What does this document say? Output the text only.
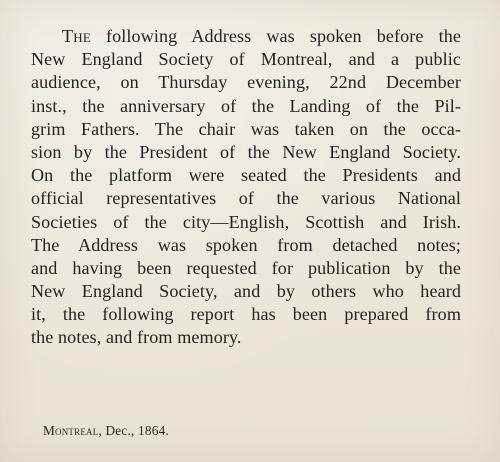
The following Address was spoken before the
New England Society of Montreal, and a public
audience, on Thursday evening, 22nd December
inst., the anniversary of the Landing of the Pil-
grim Fathers. The chair was taken on the occa-
sion by the President of the New England Society.
On the platform were seated the Presidents and
official representatives of the various National
Societies of the city—English, Scottish and Irish.
The Address was spoken from detached notes;
and having been requested for publication by the
New England Society, and by others who heard
it, the following report has been prepared from
the notes, and from memory.
Montreal, Dec., 1864.
